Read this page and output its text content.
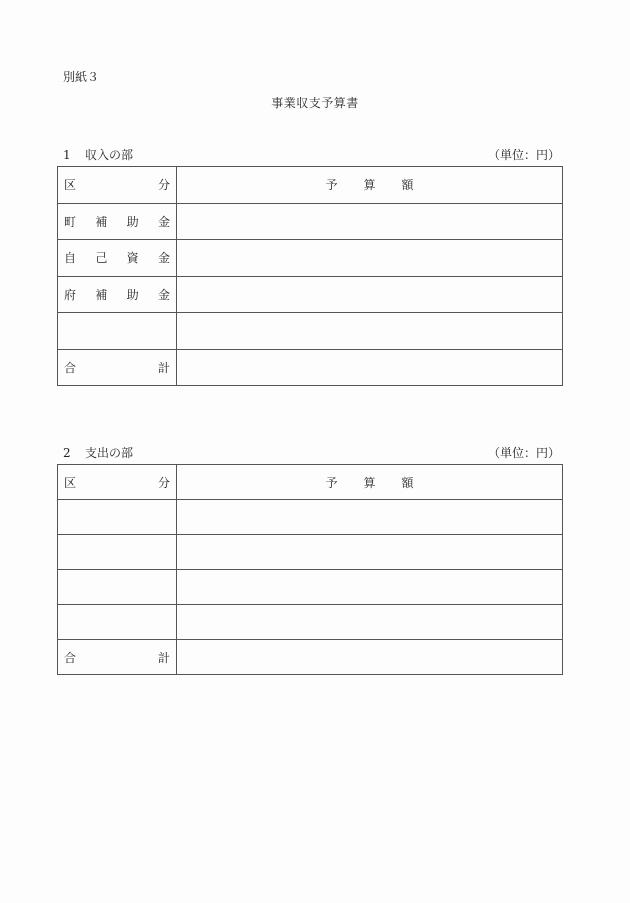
別紙３
事業収支予算書
1 収入の部	（単位：円）
区 分	予 算 額

町 補 助 金	

自 己 資 金	

府 補 助 金	

合 計	

2 支出の部	（単位：円）
区 分	予 算 額

合 計	
